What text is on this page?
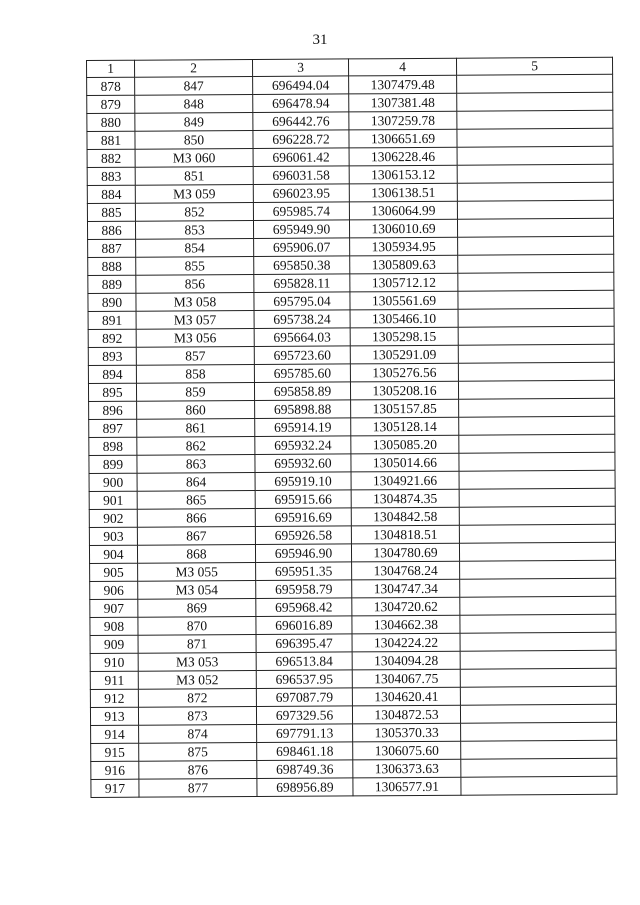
31
1	2	3	4	5
878	847	696494.04	1307479.48	
879	848	696478.94	1307381.48	
880	849	696442.76	1307259.78	
881	850	696228.72	1306651.69	
882	МЗ 060	696061.42	1306228.46	
883	851	696031.58	1306153.12	
884	МЗ 059	696023.95	1306138.51	
885	852	695985.74	1306064.99	
886	853	695949.90	1306010.69	
887	854	695906.07	1305934.95	
888	855	695850.38	1305809.63	
889	856	695828.11	1305712.12	
890	МЗ 058	695795.04	1305561.69	
891	МЗ 057	695738.24	1305466.10	
892	МЗ 056	695664.03	1305298.15	
893	857	695723.60	1305291.09	
894	858	695785.60	1305276.56	
895	859	695858.89	1305208.16	
896	860	695898.88	1305157.85	
897	861	695914.19	1305128.14	
898	862	695932.24	1305085.20	
899	863	695932.60	1305014.66	
900	864	695919.10	1304921.66	
901	865	695915.66	1304874.35	
902	866	695916.69	1304842.58	
903	867	695926.58	1304818.51	
904	868	695946.90	1304780.69	
905	МЗ 055	695951.35	1304768.24	
906	МЗ 054	695958.79	1304747.34	
907	869	695968.42	1304720.62	
908	870	696016.89	1304662.38	
909	871	696395.47	1304224.22	
910	МЗ 053	696513.84	1304094.28	
911	МЗ 052	696537.95	1304067.75	
912	872	697087.79	1304620.41	
913	873	697329.56	1304872.53	
914	874	697791.13	1305370.33	
915	875	698461.18	1306075.60	
916	876	698749.36	1306373.63	
917	877	698956.89	1306577.91	
